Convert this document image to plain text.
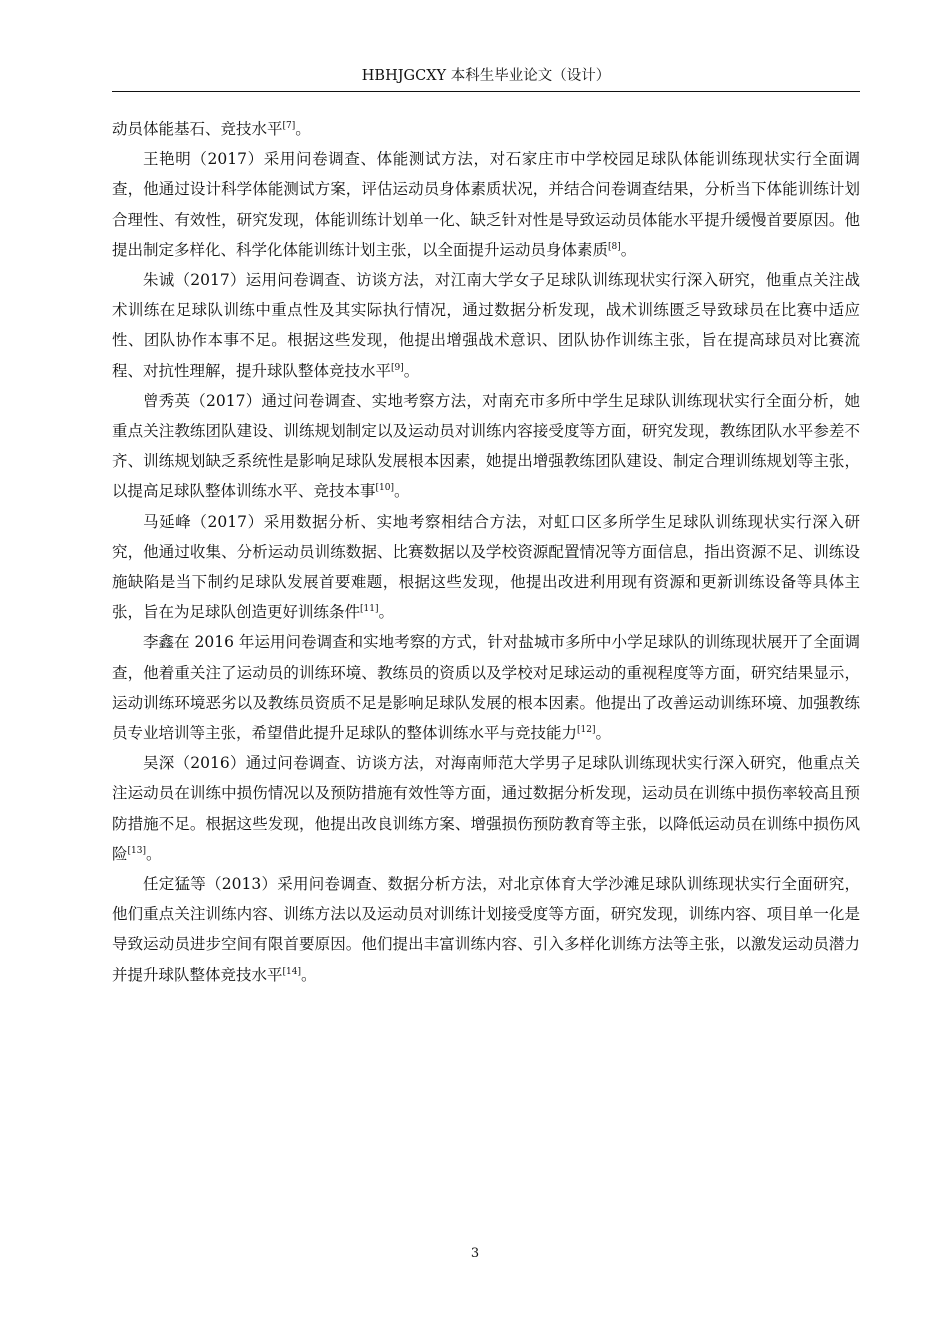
HBHJGCXY 本科生毕业论文（设计）

动员体能基石、竞技水平[7]。

王艳明（2017）采用问卷调查、体能测试方法，对石家庄市中学校园足球队体能训练现状实行全面调查，他通过设计科学体能测试方案，评估运动员身体素质状况，并结合问卷调查结果，分析当下体能训练计划合理性、有效性，研究发现，体能训练计划单一化、缺乏针对性是导致运动员体能水平提升缓慢首要原因。他提出制定多样化、科学化体能训练计划主张，以全面提升运动员身体素质[8]。

朱诚（2017）运用问卷调查、访谈方法，对江南大学女子足球队训练现状实行深入研究，他重点关注战术训练在足球队训练中重点性及其实际执行情况，通过数据分析发现，战术训练匮乏导致球员在比赛中适应性、团队协作本事不足。根据这些发现，他提出增强战术意识、团队协作训练主张，旨在提高球员对比赛流程、对抗性理解，提升球队整体竞技水平[9]。

曾秀英（2017）通过问卷调查、实地考察方法，对南充市多所中学生足球队训练现状实行全面分析，她重点关注教练团队建设、训练规划制定以及运动员对训练内容接受度等方面，研究发现，教练团队水平参差不齐、训练规划缺乏系统性是影响足球队发展根本因素，她提出增强教练团队建设、制定合理训练规划等主张，以提高足球队整体训练水平、竞技本事[10]。

马延峰（2017）采用数据分析、实地考察相结合方法，对虹口区多所学生足球队训练现状实行深入研究，他通过收集、分析运动员训练数据、比赛数据以及学校资源配置情况等方面信息，指出资源不足、训练设施缺陷是当下制约足球队发展首要难题，根据这些发现，他提出改进利用现有资源和更新训练设备等具体主张，旨在为足球队创造更好训练条件[11]。

李鑫在 2016 年运用问卷调查和实地考察的方式，针对盐城市多所中小学足球队的训练现状展开了全面调查，他着重关注了运动员的训练环境、教练员的资质以及学校对足球运动的重视程度等方面，研究结果显示，运动训练环境恶劣以及教练员资质不足是影响足球队发展的根本因素。他提出了改善运动训练环境、加强教练员专业培训等主张，希望借此提升足球队的整体训练水平与竞技能力[12]。

吴深（2016）通过问卷调查、访谈方法，对海南师范大学男子足球队训练现状实行深入研究，他重点关注运动员在训练中损伤情况以及预防措施有效性等方面，通过数据分析发现，运动员在训练中损伤率较高且预防措施不足。根据这些发现，他提出改良训练方案、增强损伤预防教育等主张，以降低运动员在训练中损伤风险[13]。

任定猛等（2013）采用问卷调查、数据分析方法，对北京体育大学沙滩足球队训练现状实行全面研究，他们重点关注训练内容、训练方法以及运动员对训练计划接受度等方面，研究发现，训练内容、项目单一化是导致运动员进步空间有限首要原因。他们提出丰富训练内容、引入多样化训练方法等主张，以激发运动员潜力并提升球队整体竞技水平[14]。

3
